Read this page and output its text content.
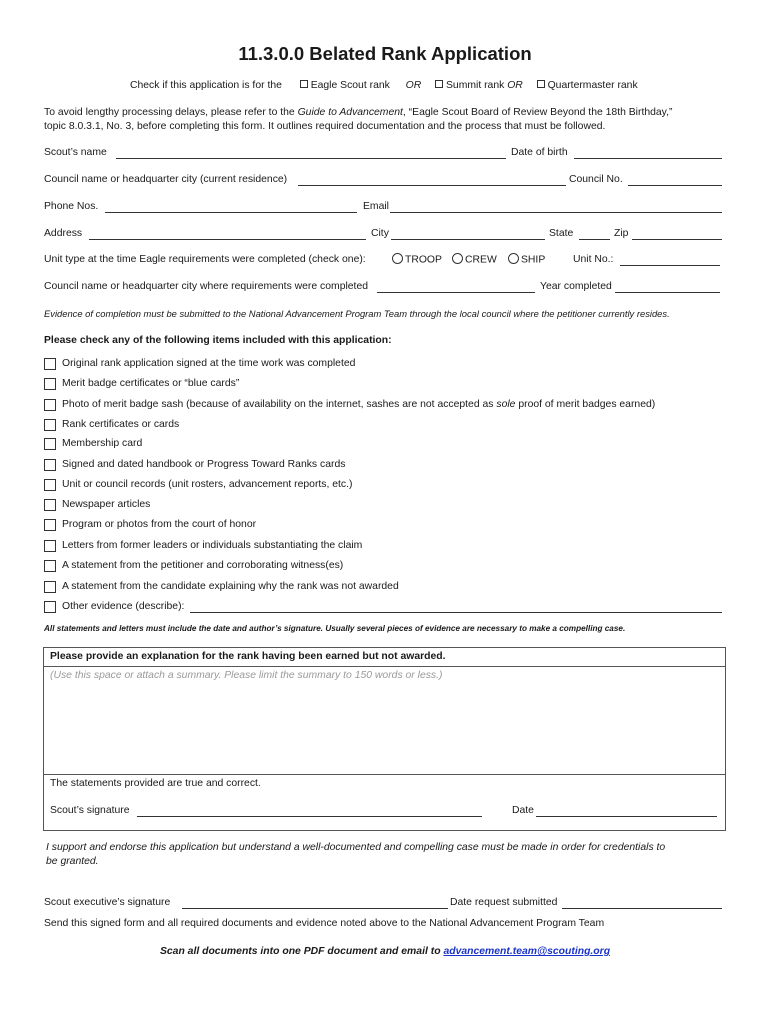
11.3.0.0 Belated Rank Application
Check if this application is for the	Eagle Scout rank OR Summit rank OR Quartermaster rank
To avoid lengthy processing delays, please refer to the Guide to Advancement, “Eagle Scout Board of Review Beyond the 18th Birthday,”
topic 8.0.3.1, No. 3, before completing this form. It outlines required documentation and the process that must be followed.
Scout’s name	Date of birth
Council name or headquarter city (current residence)	Council No.
Phone Nos.	Email
Address	City	State	Zip
Unit type at the time Eagle requirements were completed (check one):	TROOP	CREW	SHIP	Unit No.:
Council name or headquarter city where requirements were completed	Year completed
Evidence of completion must be submitted to the National Advancement Program Team through the local council where the petitioner currently resides.
Please check any of the following items included with this application:
Original rank application signed at the time work was completed
Merit badge certificates or “blue cards”
Photo of merit badge sash (because of availability on the internet, sashes are not accepted as sole proof of merit badges earned)
Rank certificates or cards
Membership card
Signed and dated handbook or Progress Toward Ranks cards
Unit or council records (unit rosters, advancement reports, etc.)
Newspaper articles
Program or photos from the court of honor
Letters from former leaders or individuals substantiating the claim
A statement from the petitioner and corroborating witness(es)
A statement from the candidate explaining why the rank was not awarded
Other evidence (describe):
All statements and letters must include the date and author’s signature. Usually several pieces of evidence are necessary to make a compelling case.
Please provide an explanation for the rank having been earned but not awarded.
(Use this space or attach a summary. Please limit the summary to 150 words or less.)
The statements provided are true and correct.
Scout’s signature	Date
I support and endorse this application but understand a well-documented and compelling case must be made in order for credentials to
be granted.
Scout executive’s signature	Date request submitted
Send this signed form and all required documents and evidence noted above to the National Advancement Program Team
Scan all documents into one PDF document and email to advancement.team@scouting.org
